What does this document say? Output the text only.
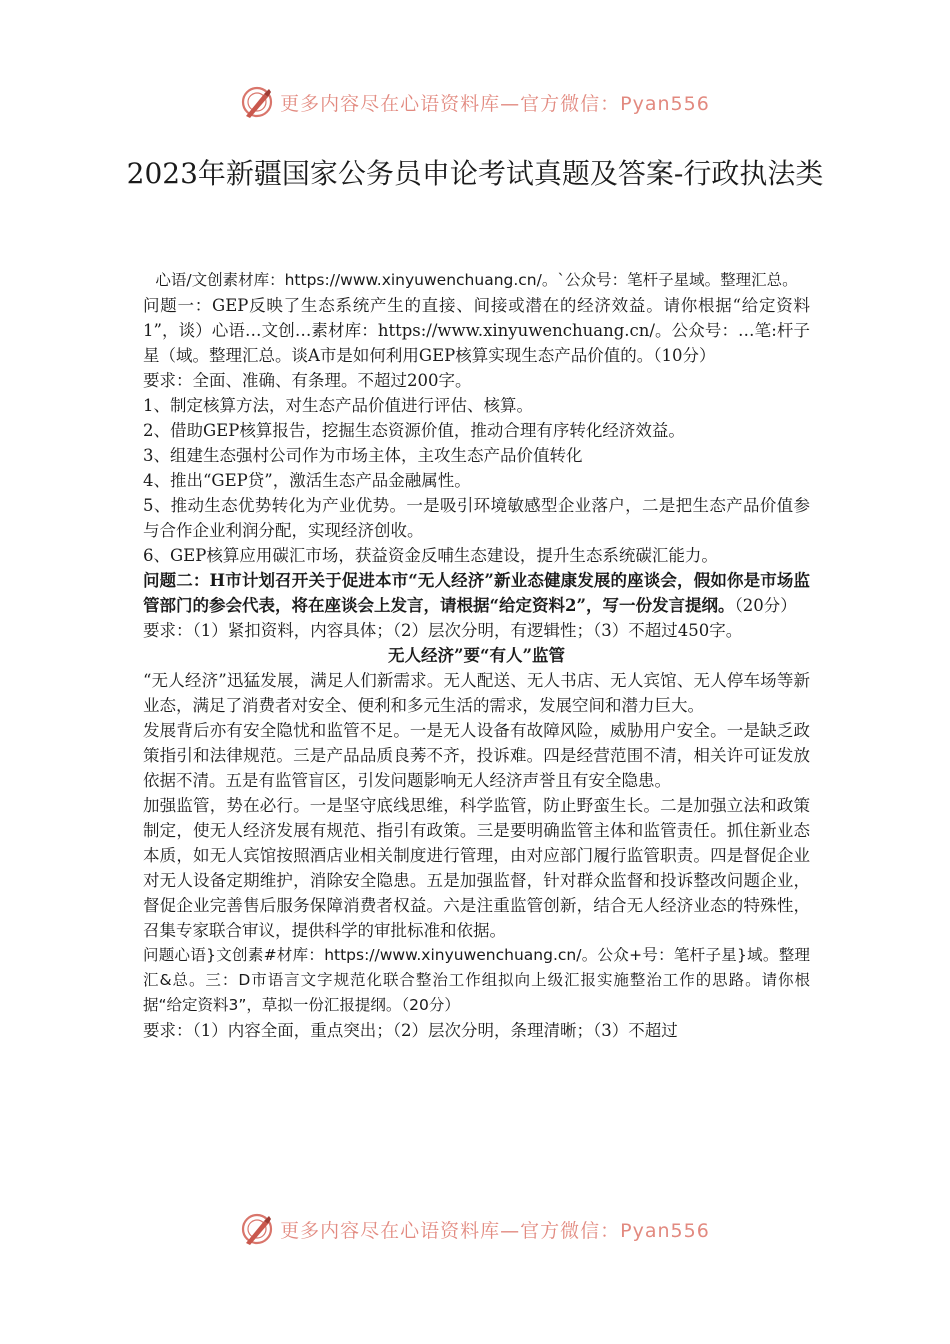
更多内容尽在心语资料库—官方微信：Pyan556
2023年新疆国家公务员申论考试真题及答案-行政执法类

心语/文创素材库：https://www.xinyuwenchuang.cn/。`公众号：笔杆子星域。整理汇总。

问题一：GEP反映了生态系统产生的直接、间接或潜在的经济效益。请你根据“给定资料1”，谈）心语…文创…素材库：https://www.xinyuwenchuang.cn/。公众号：…笔:杆子星（域。整理汇总。谈A市是如何利用GEP核算实现生态产品价值的。（10分）

要求：全面、准确、有条理。不超过200字。

1、制定核算方法，对生态产品价值进行评估、核算。

2、借助GEP核算报告，挖掘生态资源价值，推动合理有序转化经济效益。

3、组建生态强村公司作为市场主体，主攻生态产品价值转化

4、推出“GEP贷”，激活生态产品金融属性。

5、推动生态优势转化为产业优势。一是吸引环境敏感型企业落户，二是把生态产品价值参与合作企业利润分配，实现经济创收。

6、GEP核算应用碳汇市场，获益资金反哺生态建设，提升生态系统碳汇能力。

问题二：H市计划召开关于促进本市“无人经济”新业态健康发展的座谈会，假如你是市场监管部门的参会代表，将在座谈会上发言，请根据“给定资料2”，写一份发言提纲。（20分）

要求：（1）紧扣资料，内容具体；（2）层次分明，有逻辑性；（3）不超过450字。

无人经济”要“有人”监管

“无人经济”迅猛发展，满足人们新需求。无人配送、无人书店、无人宾馆、无人停车场等新业态，满足了消费者对安全、便利和多元生活的需求，发展空间和潜力巨大。

发展背后亦有安全隐忧和监管不足。一是无人设备有故障风险，威胁用户安全。一是缺乏政策指引和法律规范。三是产品品质良莠不齐，投诉难。四是经营范围不清，相关许可证发放依据不清。五是有监管盲区，引发问题影响无人经济声誉且有安全隐患。

加强监管，势在必行。一是坚守底线思维，科学监管，防止野蛮生长。二是加强立法和政策制定，使无人经济发展有规范、指引有政策。三是要明确监管主体和监管责任。抓住新业态本质，如无人宾馆按照酒店业相关制度进行管理，由对应部门履行监管职责。四是督促企业对无人设备定期维护，消除安全隐患。五是加强监督，针对群众监督和投诉整改问题企业，督促企业完善售后服务保障消费者权益。六是注重监管创新，结合无人经济业态的特殊性，召集专家联合审议，提供科学的审批标准和依据。

问题心语}文创素#材库：https://www.xinyuwenchuang.cn/。公众+号：笔杆子星}域。整理汇&总。三：D市语言文字规范化联合整治工作组拟向上级汇报实施整治工作的思路。请你根据“给定资料3”，草拟一份汇报提纲。（20分）

要求：（1）内容全面，重点突出；（2）层次分明，条理清晰；（3）不超过

更多内容尽在心语资料库—官方微信：Pyan556
